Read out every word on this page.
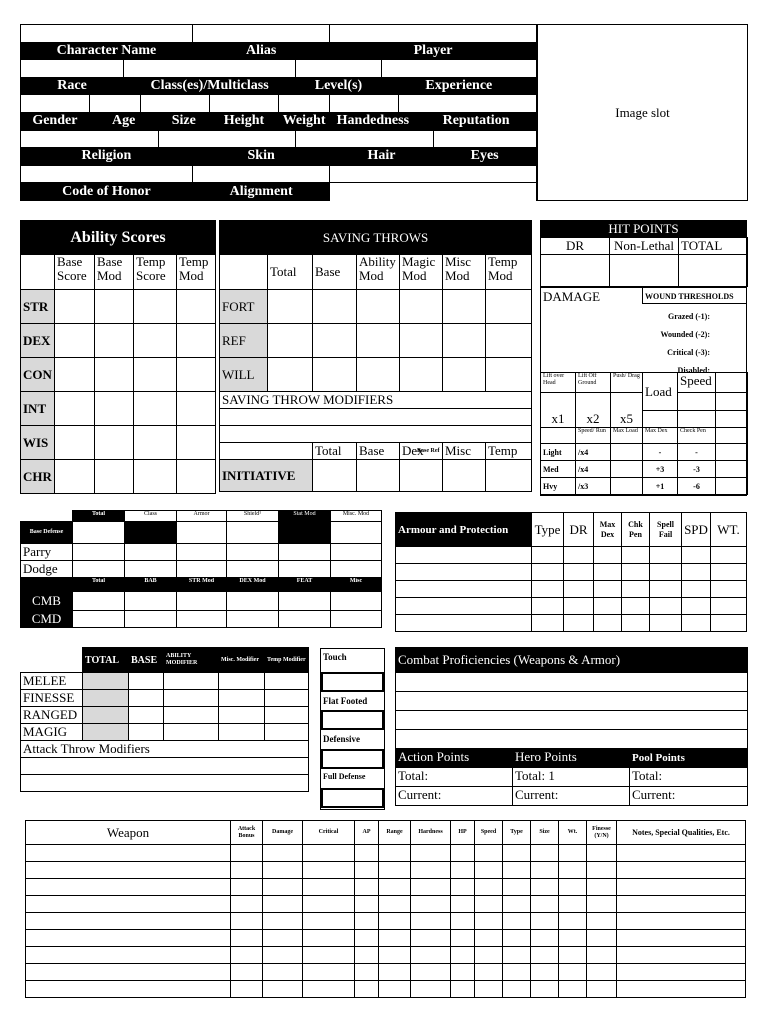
Character Name					Alias				Player				

Race		Class(es)/Multiclass						Level(s)		Experience			

Gender	Age			Size		Height	Weight		Handedness			Reputation	

Religion					Skin				Hair				Eyes

Code of Honor					Alignment								
Image slot
Ability Scores				
	Base Score	Base Mod	Temp Score	Temp Mod
STR				
DEX				
CON				
INT				
WIS				
CHR				
SAVING THROWS						
	Total	Base	Ability Mod	Magic Mod	Misc Mod	Temp Mod
FORT						
REF						
WILL						
SAVING THROW MODIFIERS						

		Total	Base	Dex	Misc	Temp
INITIATIVE						
Base Ref
HIT POINTS
DR	Non-Lethal	TOTAL

DAMAGE	WOUND THRESHOLDS
Grazed (-1):
Wounded (-2):
Critical (-3):
Disabled:
Lift over Head	Lift Off Ground	Push/ Drag	Load	Speed	

x1	x2	x5			
	Speed/ Run	Max Load	Max Dex	Check Pen	
Light	/x4		-	-	
Med	/x4		+3	-3	
Hvy	/x3		+1	-6	
	Total	Class	Armor	Shield¹	Stat Mod	Misc. Mod
Base Defense						
Parry						
Dodge						
	Total	BAB	STR Mod	DEX Mod	FEAT	Misc
CMB						
CMD						
Armour and Protection	Type	DR	Max Dex	Chk Pen	Spell Fail	SPD	WT.

	TOTAL	BASE	ABILITY MODIFIER	Misc. Modifier	Temp Modifier
MELEE					
FINESSE					
RANGED					
MAGIG					
Attack Throw Modifiers					

Touch
Flat Footed
Defensive
Full Defense
Combat Proficiencies (Weapons & Armor)		

Action Points	Hero Points	Pool Points
Total:	Total: 1	Total:
Current:	Current:	Current:
Weapon	Attack Bonus	Damage	Critical	AP	Range	Hardness	HP	Speed	Type	Size	Wt.	Finesse (Y/N)	Notes, Special Qualities, Etc.
